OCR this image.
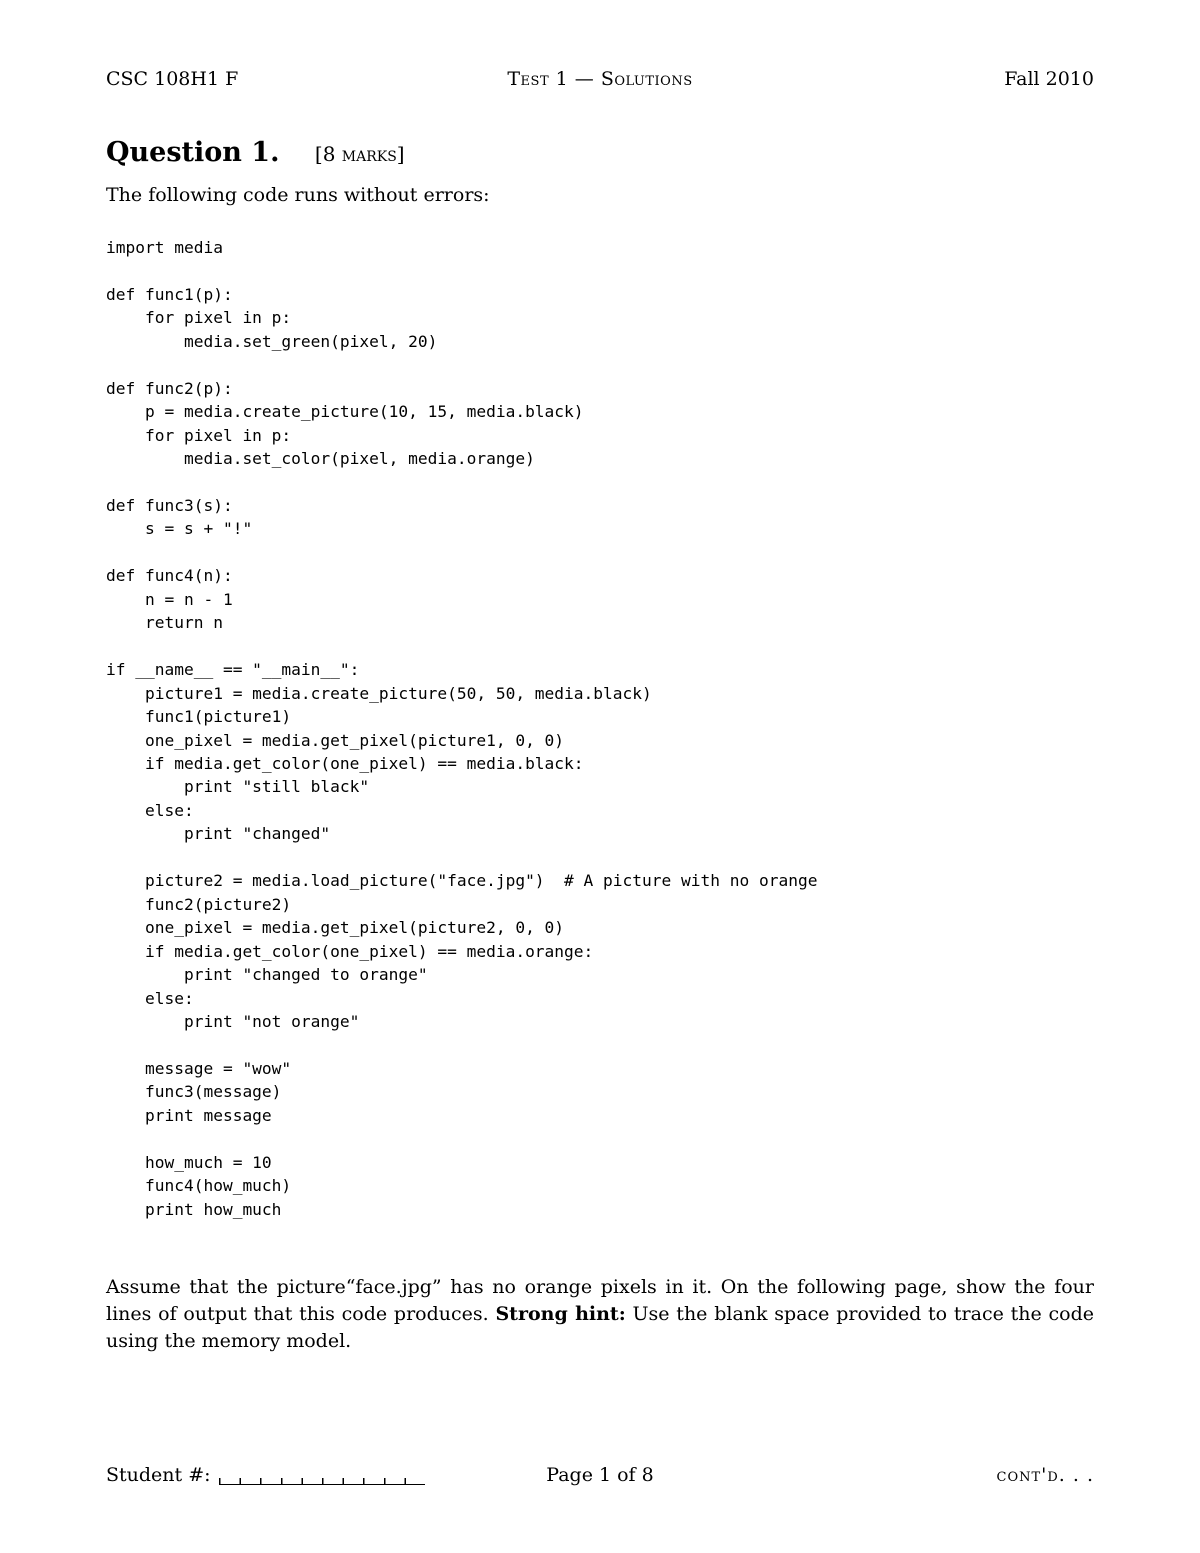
CSC 108H1 F	Test 1 — Solutions	Fall 2010
Question 1. [8 marks]
The following code runs without errors:
import media

def func1(p):
for pixel in p:
media.set_green(pixel, 20)

def func2(p):
p = media.create_picture(10, 15, media.black)
for pixel in p:
media.set_color(pixel, media.orange)

def func3(s):
s = s + "!"

def func4(n):
n = n - 1
return n

if __name__ == "__main__":
picture1 = media.create_picture(50, 50, media.black)
func1(picture1)
one_pixel = media.get_pixel(picture1, 0, 0)
if media.get_color(one_pixel) == media.black:
print "still black"
else:
print "changed"

picture2 = media.load_picture("face.jpg")  # A picture with no orange
func2(picture2)
one_pixel = media.get_pixel(picture2, 0, 0)
if media.get_color(one_pixel) == media.orange:
print "changed to orange"
else:
print "not orange"

message = "wow"
func3(message)
print message

how_much = 10
func4(how_much)
print how_much
Assume that the picture“face.jpg” has no orange pixels in it. On the following page, show the four lines of output that this code produces. Strong hint: Use the blank space provided to trace the code using the memory model.
Student #:	Page 1 of 8	cont'd. . .
